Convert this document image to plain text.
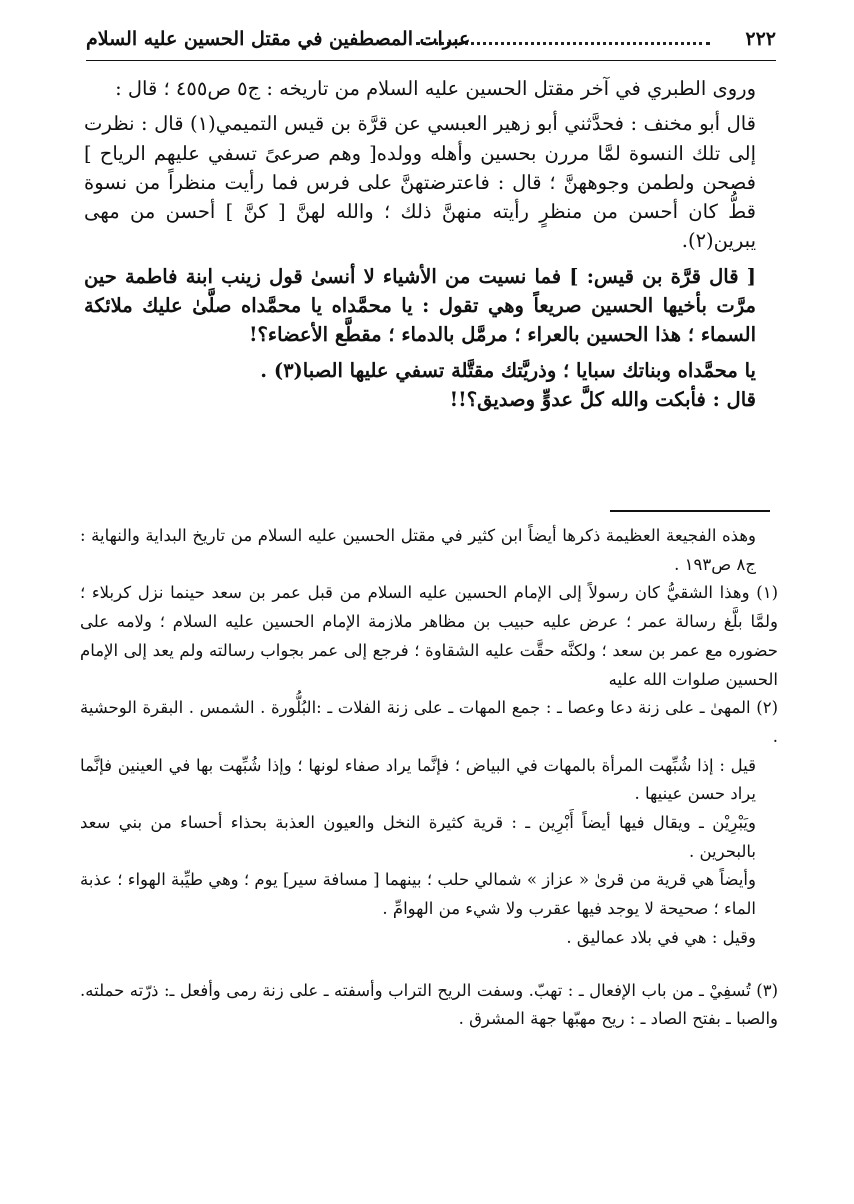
٢٢٢
عبرات المصطفين في مقتل الحسين عليه السلام

وروى الطبري في آخر مقتل الحسين عليه السلام من تاريخه : ج٥ ص٤٥٥ ؛ قال :

قال أبو مخنف : فحدَّثني أبو زهير العبسي عن قرَّة بن قيس التميمي(١) قال : نظرت إلى تلك النسوة لمَّا مررن بحسين وأهله وولده[ وهم صرعىً تسفي عليهم الرياح ] فصحن ولطمن وجوههنَّ ؛ قال : فاعترضتهنَّ على فرس فما رأيت منظراً من نسوة قطُّ كان أحسن من منظرٍ رأيته منهنَّ ذلك ؛ والله لهنَّ [ كنَّ ] أحسن من مهى يبرين(٢).

[ قال قرَّة بن قيس: ] فما نسيت من الأشياء لا أنسىٰ قول زينب ابنة فاطمة حين مرَّت بأخيها الحسين صريعاً وهي تقول : يا محمَّداه يا محمَّداه صلَّىٰ عليك ملائكة السماء ؛ هذا الحسين بالعراء ؛ مرمَّل بالدماء ؛ مقطَّع الأعضاء؟!

يا محمَّداه وبناتك سبايا ؛ وذريَّتك مقتَّلة تسفي عليها الصبا(٣) .

قال : فأبكت والله كلَّ عدوٍّ وصديق؟!!

وهذه الفجيعة العظيمة ذكرها أيضاً ابن كثير في مقتل الحسين عليه السلام من تاريخ البداية والنهاية : ج٨ ص١٩٣ .

(١) وهذا الشقيُّ كان رسولاً إلى الإمام الحسين عليه السلام من قبل عمر بن سعد حينما نزل كربلاء ؛ ولمَّا بلَّغ رسالة عمر ؛ عرض عليه حبيب بن مظاهر ملازمة الإمام الحسين عليه السلام ؛ ولامه على حضوره مع عمر بن سعد ؛ ولكنَّه حقَّت عليه الشقاوة ؛ فرجع إلى عمر بجواب رسالته ولم يعد إلى الإمام الحسين صلوات الله عليه

(٢) المهىٰ ـ على زنة دعا وعصا ـ : جمع المهات ـ على زنة الفلات ـ :البُلُّورة . الشمس . البقرة الوحشية .

قيل : إذا شُبِّهت المرأة بالمهات في البياض ؛ فإنَّما يراد صفاء لونها ؛ وإذا شُبِّهت بها في العينين فإنَّما يراد حسن عينيها .

ويَبْرِيْن ـ ويقال فيها أيضاً أَبْرِين ـ : قرية كثيرة النخل والعيون العذبة بحذاء أحساء من بني سعد بالبحرين .

وأيضاً هي قرية من قرىٰ « عزاز » شمالي حلب ؛ بينهما [ مسافة سير] يوم ؛ وهي طيِّبة الهواء ؛ عذبة الماء ؛ صحيحة لا يوجد فيها عقرب ولا شيء من الهوامِّ .

وقيل : هي في بلاد عماليق .

(٣) تُسفِيْ ـ من باب الإفعال ـ : تهبّ. وسفت الريح التراب وأسفته ـ على زنة رمى وأفعل ـ: ذرّته حملته. والصبا ـ بفتح الصاد ـ : ريح مهبّها جهة المشرق .
